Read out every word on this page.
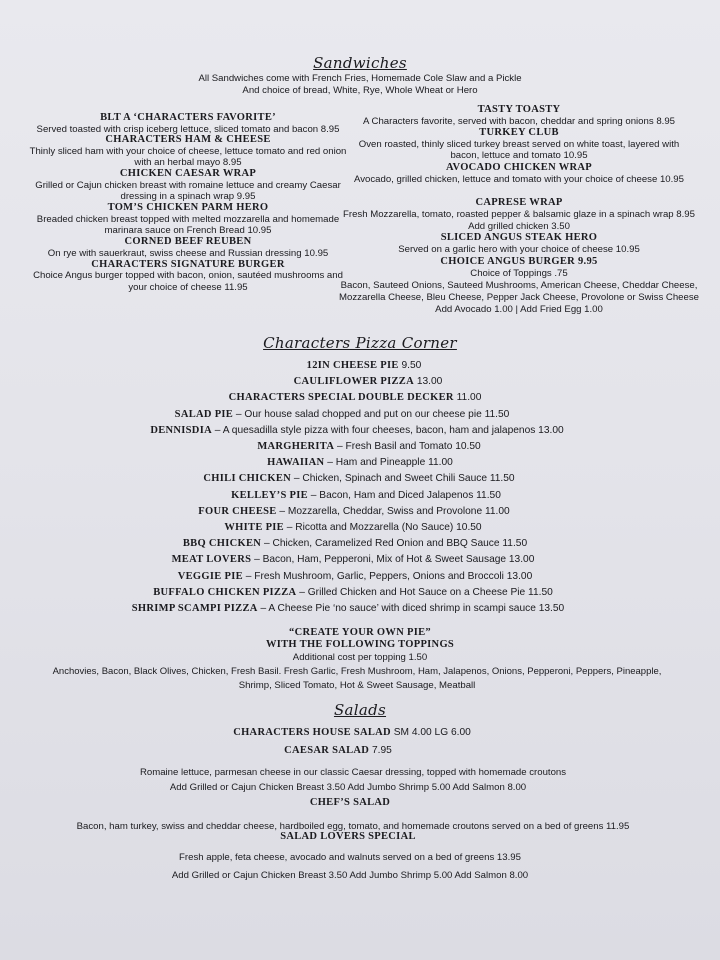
Sandwiches
All Sandwiches come with French Fries, Homemade Cole Slaw and a Pickle
And choice of bread, White, Rye, Whole Wheat or Hero
BLT A ‘CHARACTERS FAVORITE’
Served toasted with crisp iceberg lettuce, sliced tomato and bacon 8.95
CHARACTERS HAM & CHEESE
Thinly sliced ham with your choice of cheese, lettuce tomato and red onion
with an herbal mayo 8.95
CHICKEN CAESAR WRAP
Grilled or Cajun chicken breast with romaine lettuce and creamy Caesar
dressing in a spinach wrap 9.95
TOM’S CHICKEN PARM HERO
Breaded chicken breast topped with melted mozzarella and homemade
marinara sauce on French Bread 10.95
CORNED BEEF REUBEN
On rye with sauerkraut, swiss cheese and Russian dressing 10.95
CHARACTERS SIGNATURE BURGER
Choice Angus burger topped with bacon, onion, sautéed mushrooms and
your choice of cheese 11.95
TASTY TOASTY
A Characters favorite, served with bacon, cheddar and spring onions 8.95
TURKEY CLUB
Oven roasted, thinly sliced turkey breast served on white toast, layered with
bacon, lettuce and tomato 10.95
AVOCADO CHICKEN WRAP
Avocado, grilled chicken, lettuce and tomato with your choice of cheese 10.95
CAPRESE WRAP
Fresh Mozzarella, tomato, roasted pepper & balsamic glaze in a spinach wrap 8.95
Add grilled chicken 3.50
SLICED ANGUS STEAK HERO
Served on a garlic hero with your choice of cheese 10.95
CHOICE ANGUS BURGER 9.95
Choice of Toppings .75
Bacon, Sauteed Onions, Sauteed Mushrooms, American Cheese, Cheddar Cheese,
Mozzarella Cheese, Bleu Cheese, Pepper Jack Cheese, Provolone or Swiss Cheese
Add Avocado 1.00 | Add Fried Egg 1.00
Characters Pizza Corner
12IN CHEESE PIE 9.50
CAULIFLOWER PIZZA 13.00
CHARACTERS SPECIAL DOUBLE DECKER 11.00
SALAD PIE – Our house salad chopped and put on our cheese pie 11.50
DENNISDIA – A quesadilla style pizza with four cheeses, bacon, ham and jalapenos 13.00
MARGHERITA – Fresh Basil and Tomato 10.50
HAWAIIAN – Ham and Pineapple 11.00
CHILI CHICKEN – Chicken, Spinach and Sweet Chili Sauce 11.50
KELLEY’S PIE – Bacon, Ham and Diced Jalapenos 11.50
FOUR CHEESE – Mozzarella, Cheddar, Swiss and Provolone 11.00
WHITE PIE – Ricotta and Mozzarella (No Sauce) 10.50
BBQ CHICKEN – Chicken, Caramelized Red Onion and BBQ Sauce 11.50
MEAT LOVERS – Bacon, Ham, Pepperoni, Mix of Hot & Sweet Sausage 13.00
VEGGIE PIE – Fresh Mushroom, Garlic, Peppers, Onions and Broccoli 13.00
BUFFALO CHICKEN PIZZA – Grilled Chicken and Hot Sauce on a Cheese Pie 11.50
SHRIMP SCAMPI PIZZA – A Cheese Pie ‘no sauce’ with diced shrimp in scampi sauce 13.50
“CREATE YOUR OWN PIE”
WITH THE FOLLOWING TOPPINGS
Additional cost per topping 1.50
Anchovies, Bacon, Black Olives, Chicken, Fresh Basil. Fresh Garlic, Fresh Mushroom, Ham, Jalapenos, Onions, Pepperoni, Peppers, Pineapple,
Shrimp, Sliced Tomato, Hot & Sweet Sausage, Meatball
Salads
CHARACTERS HOUSE SALAD SM 4.00 LG 6.00
CAESAR SALAD 7.95
Romaine lettuce, parmesan cheese in our classic Caesar dressing, topped with homemade croutons
Add Grilled or Cajun Chicken Breast 3.50 Add Jumbo Shrimp 5.00 Add Salmon 8.00
CHEF’S SALAD
Bacon, ham turkey, swiss and cheddar cheese, hardboiled egg, tomato, and homemade croutons served on a bed of greens 11.95
SALAD LOVERS SPECIAL
Fresh apple, feta cheese, avocado and walnuts served on a bed of greens 13.95
Add Grilled or Cajun Chicken Breast 3.50 Add Jumbo Shrimp 5.00 Add Salmon 8.00
